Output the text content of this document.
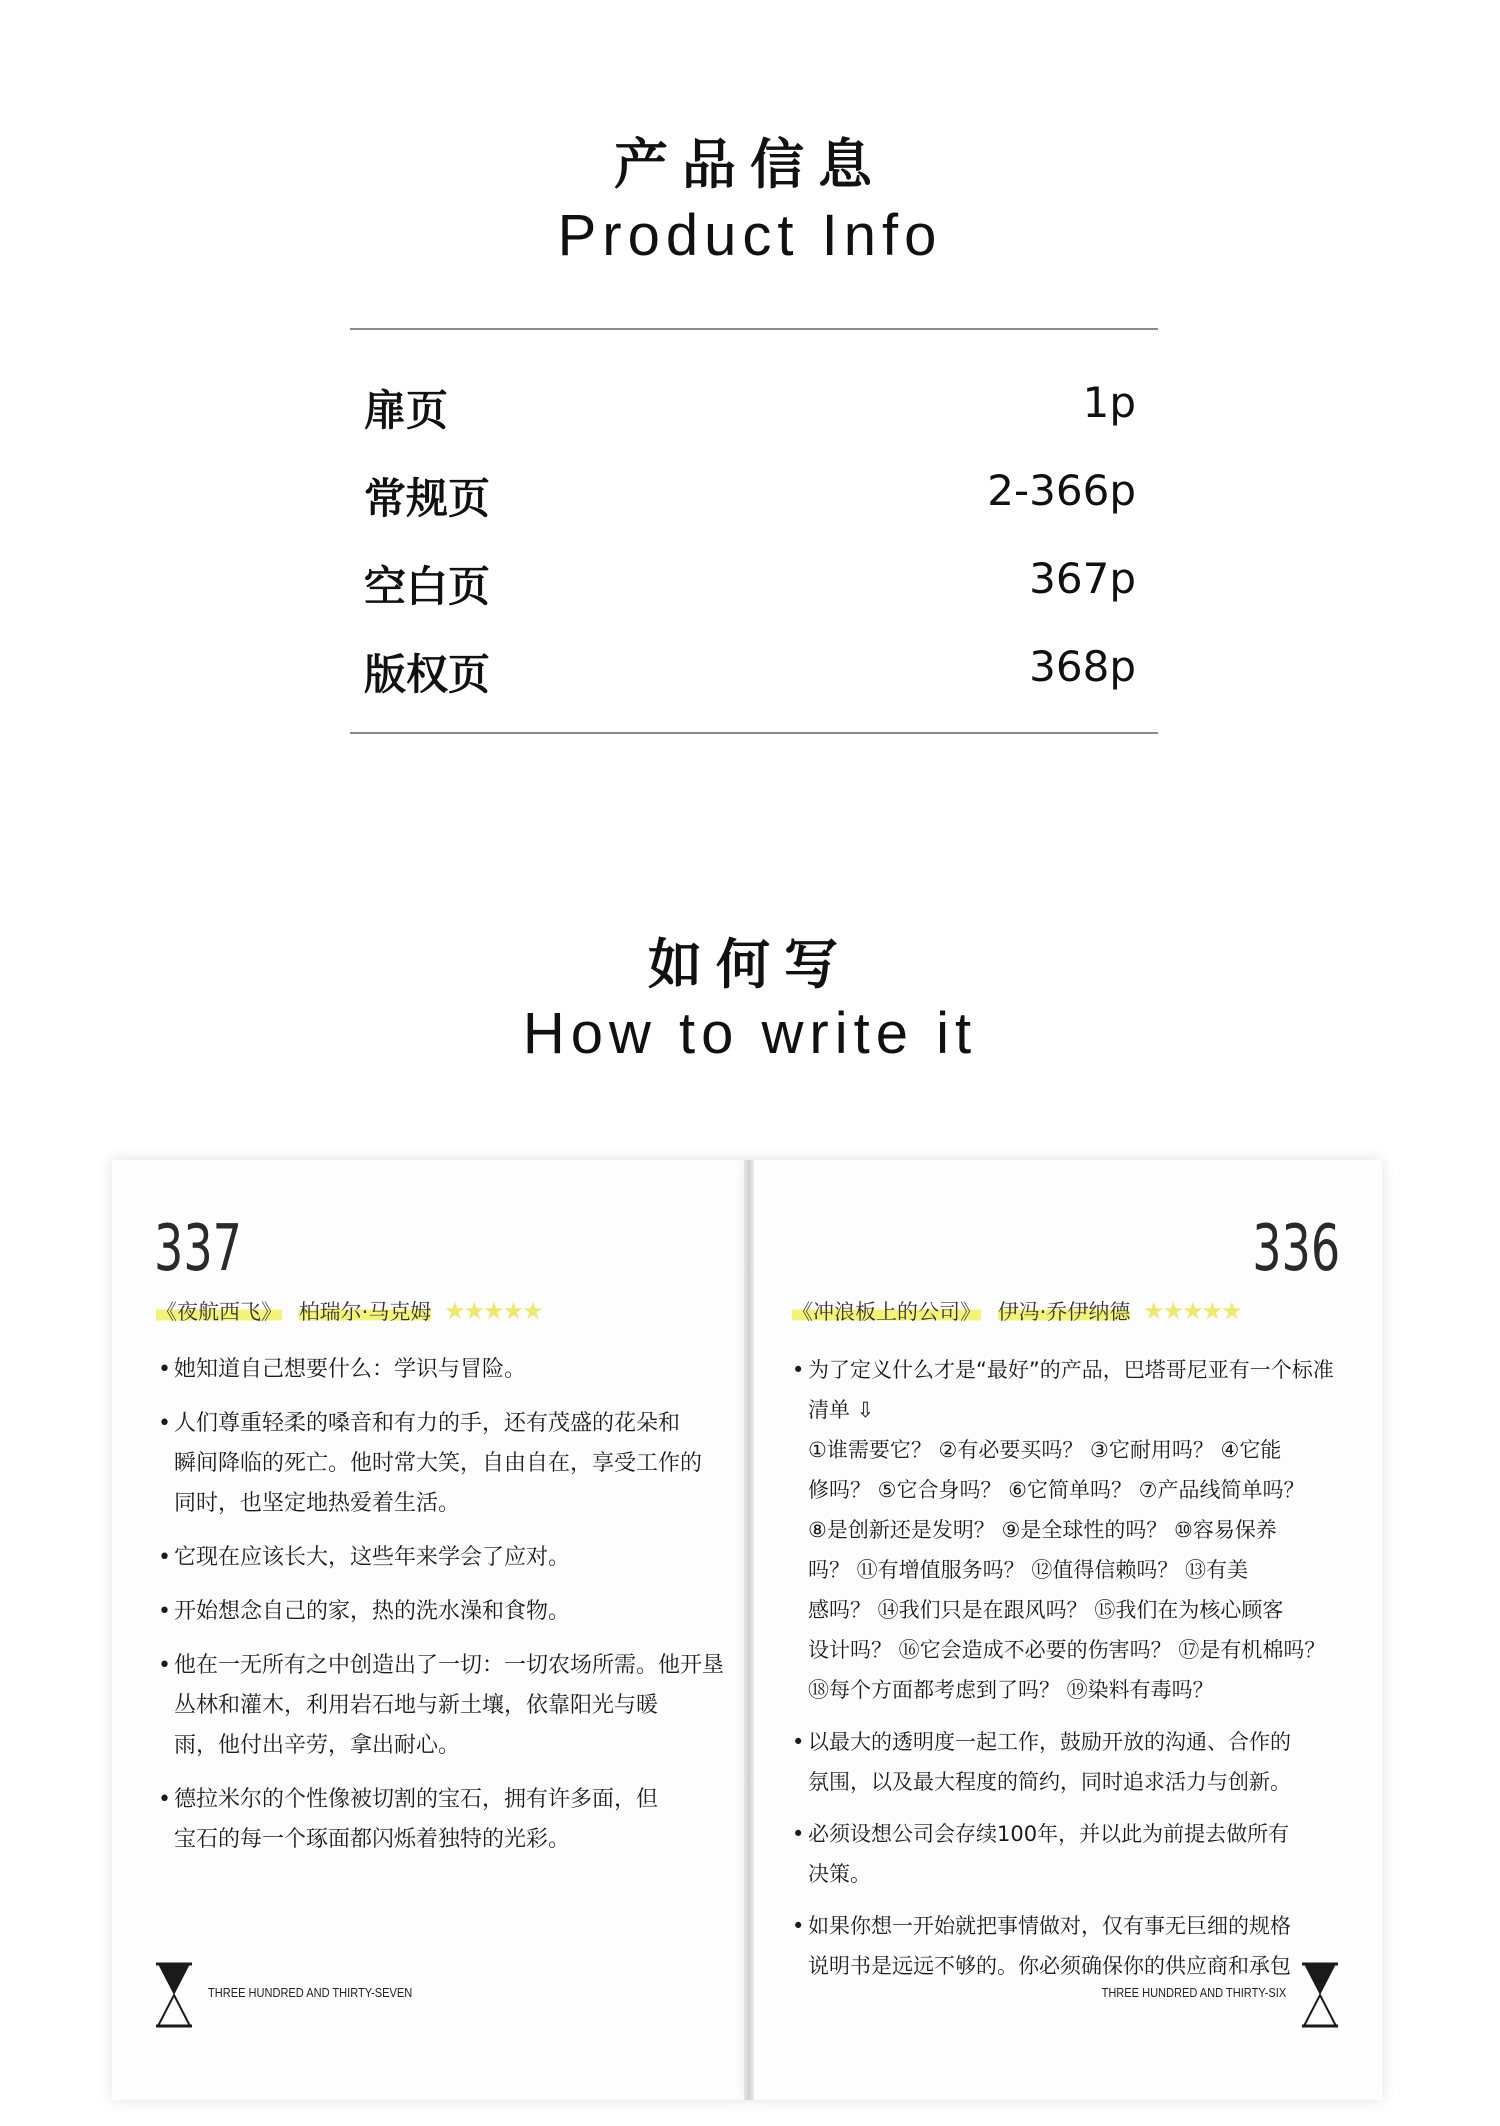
产品信息
Product Info
扉页	1p
常规页	2-366p
空白页	367p
版权页	368p
如何写
How to write it
337
《夜航西飞》 柏瑞尔·马克姆 ★★★★★
THREE HUNDRED AND THIRTY-SEVEN
• 她知道自己想要什么：学识与冒险。

• 人们尊重轻柔的嗓音和有力的手，还有茂盛的花朵和

瞬间降临的死亡。他时常大笑，自由自在，享受工作的

同时，也坚定地热爱着生活。

• 它现在应该长大，这些年来学会了应对。

• 开始想念自己的家，热的洗水澡和食物。

• 他在一无所有之中创造出了一切：一切农场所需。他开垦

丛林和灌木，利用岩石地与新土壤，依靠阳光与暖

雨，他付出辛劳，拿出耐心。

• 德拉米尔的个性像被切割的宝石，拥有许多面，但

宝石的每一个琢面都闪烁着独特的光彩。

336
《冲浪板上的公司》 伊冯·乔伊纳德 ★★★★★
THREE HUNDRED AND THIRTY-SIX
• 为了定义什么才是“最好”的产品，巴塔哥尼亚有一个标准

清单 ⇩

①谁需要它？ ②有必要买吗？ ③它耐用吗？ ④它能

修吗？ ⑤它合身吗？ ⑥它简单吗？ ⑦产品线简单吗？

⑧是创新还是发明？ ⑨是全球性的吗？ ⑩容易保养

吗？ ⑪有增值服务吗？ ⑫值得信赖吗？ ⑬有美

感吗？ ⑭我们只是在跟风吗？ ⑮我们在为核心顾客

设计吗？ ⑯它会造成不必要的伤害吗？ ⑰是有机棉吗？

⑱每个方面都考虑到了吗？ ⑲染料有毒吗？

• 以最大的透明度一起工作，鼓励开放的沟通、合作的

氛围，以及最大程度的简约，同时追求活力与创新。

• 必须设想公司会存续100年，并以此为前提去做所有

决策。

• 如果你想一开始就把事情做对，仅有事无巨细的规格

说明书是远远不够的。你必须确保你的供应商和承包
